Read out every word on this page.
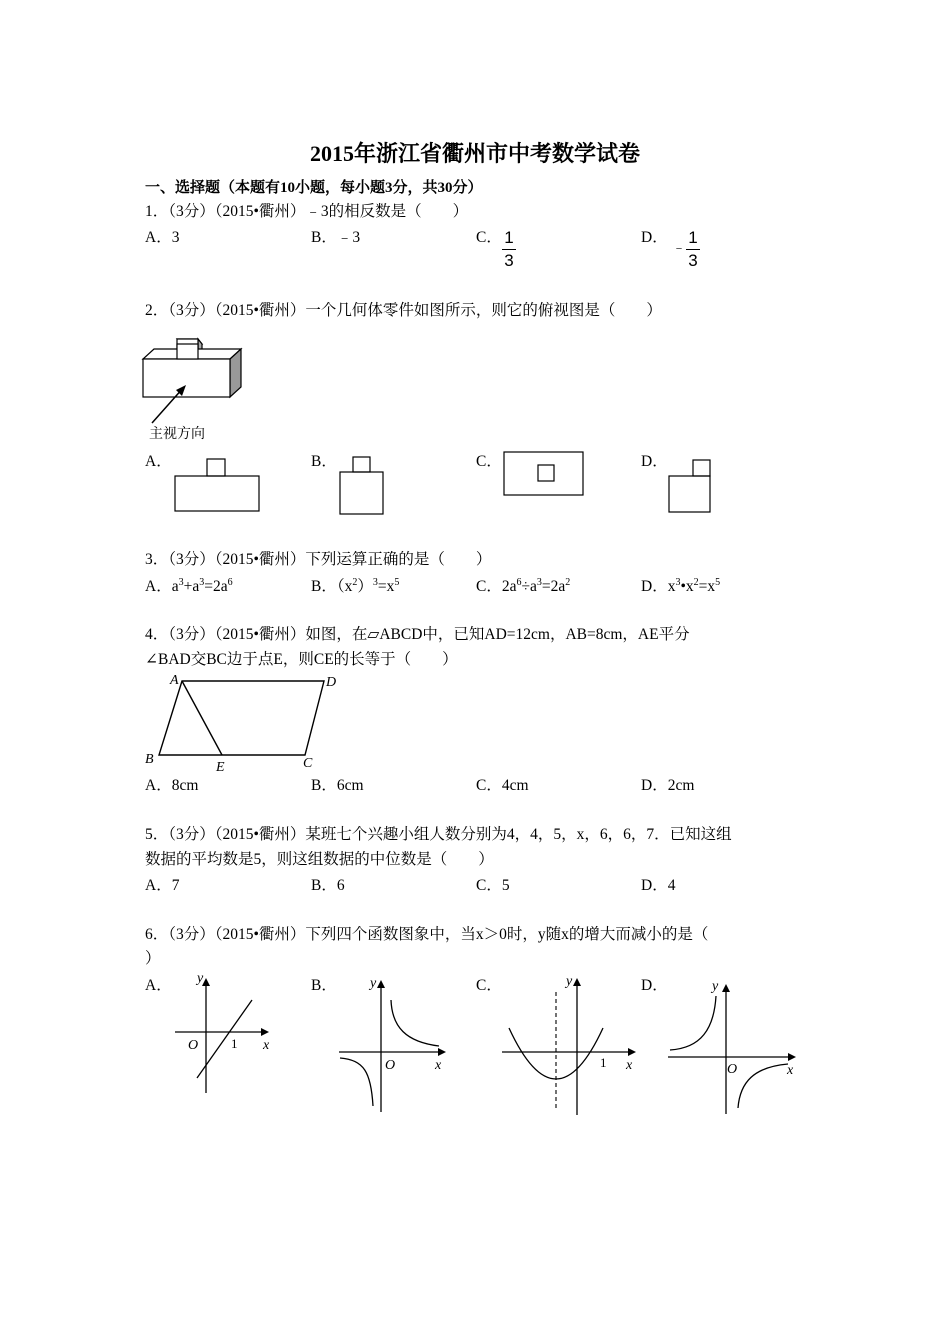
2015年浙江省衢州市中考数学试卷
一、选择题（本题有10小题，每小题3分，共30分）
1．（3分）（2015•衢州）﹣3的相反数是（　　）
A．3	B．﹣3	C． 1
3
D．
﹣
1
3
2．（3分）（2015•衢州）一个几何体零件如图所示，则它的俯视图是（　　）
主视方向
A．	B．	C．	D．
3．（3分）（2015•衢州）下列运算正确的是（　　）
A．$a^3+a^3=2a^6$	B．$(x^2)^3=x^5$	C．$2a^6\div a^3=2a^2$	D．$x^3•x^2=x^5$
4．（3分）（2015•衢州）如图，在▱ABCD中，已知AD=12cm，AB=8cm，AE平分
∠BAD交BC边于点E，则CE的长等于（　　）
A	D
B
E	C
A．8cm	B．6cm	C．4cm	D．2cm
5．（3分）（2015•衢州）某班七个兴趣小组人数分别为4，4，5，x，6，6，7．已知这组
数据的平均数是5，则这组数据的中位数是（　　）
A．7	B．6	C．5	D．4
6．（3分）（2015•衢州）下列四个函数图象中，当x＞0时，y随x的增大而减小的是（
）
A． y
x
O	1
B． y
x
O
C．	y
x
1
D．	y
x
O
